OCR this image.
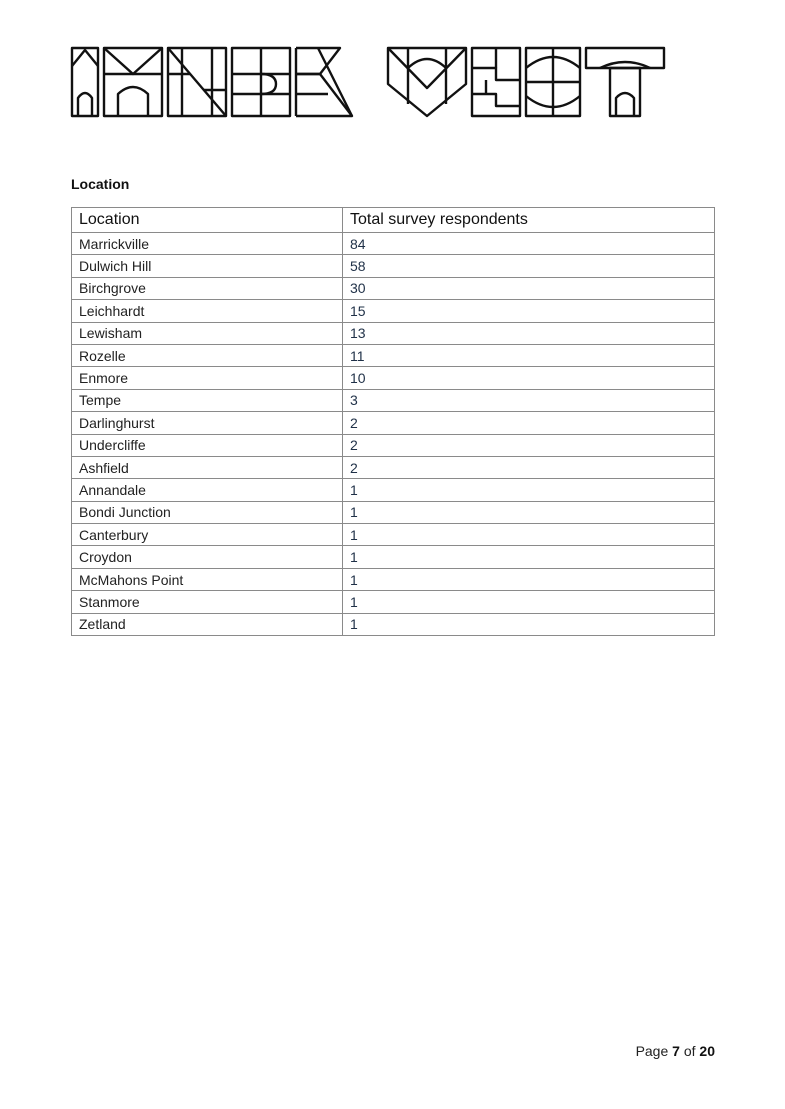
Location
Location	Total survey respondents
Marrickville	84
Dulwich Hill	58
Birchgrove	30
Leichhardt	15
Lewisham	13
Rozelle	11
Enmore	10
Tempe	3
Darlinghurst	2
Undercliffe	2
Ashfield	2
Annandale	1
Bondi Junction	1
Canterbury	1
Croydon	1
McMahons Point	1
Stanmore	1
Zetland	1
Page 7 of 20
